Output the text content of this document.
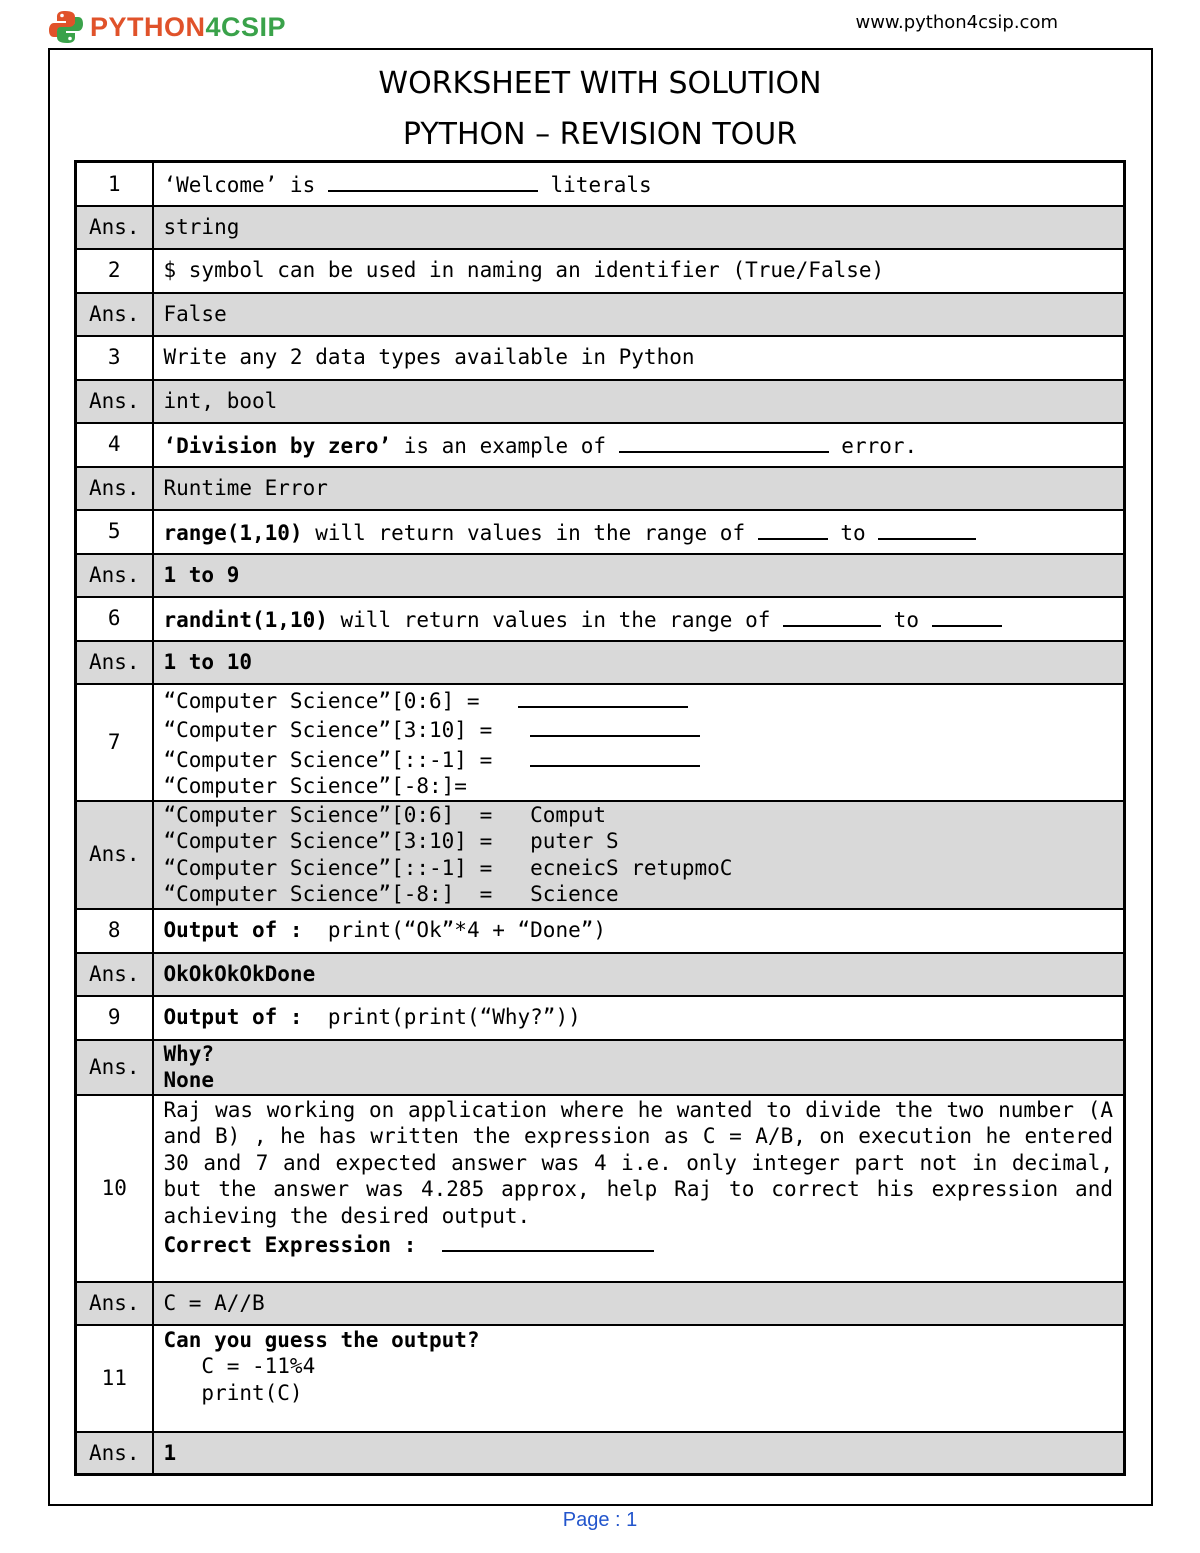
PYTHON4CSIP	www.python4csip.com
WORKSHEET WITH SOLUTION
PYTHON – REVISION TOUR
1	‘Welcome’ is literals
Ans.	string
2	$ symbol can be used in naming an identifier (True/False)
Ans.	False
3	Write any 2 data types available in Python
Ans.	int, bool
4	‘Division by zero’ is an example of error.
Ans.	Runtime Error
5	range(1,10) will return values in the range of to
Ans.	1 to 9
6	randint(1,10) will return values in the range of to
Ans.	1 to 10
7	“Computer Science”[0:6] =
“Computer Science”[3:10] =
“Computer Science”[::-1] =
“Computer Science”[-8:]=

Ans.	“Computer Science”[0:6]  =   Comput
“Computer Science”[3:10] =   puter S
“Computer Science”[::-1] =   ecneicS retupmoC
“Computer Science”[-8:]  =   Science

8	Output of :  print(“Ok”*4 + “Done”)
Ans.	OkOkOkOkDone
9	Output of :  print(print(“Why?”))
Ans.	Why?
None

10	Raj was working on application where he wanted to divide the two number (A and B) , he has written the expression as C = A/B, on execution he entered 30 and 7 and expected answer was 4 i.e. only integer part not in decimal, but the answer was 4.285 approx, help Raj to correct his expression and achieving the desired output.
Correct Expression :

Ans.	C = A//B
11	Can you guess the output?
C = -11%4
print(C)

Ans.	1
Page : 1
